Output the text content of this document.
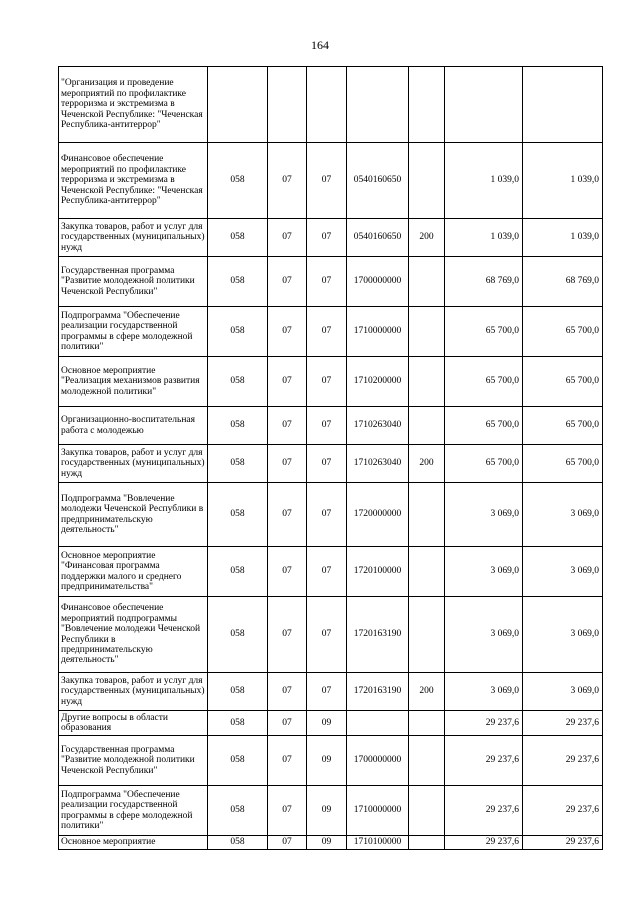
164
"Организация и проведение мероприятий по профилактике терроризма и экстремизма в Чеченской Республике: "Чеченская Республика-антитеррор"							
Финансовое обеспечение мероприятий по профилактике терроризма и экстремизма в Чеченской Республике: "Чеченская Республика-антитеррор"	058	07	07	0540160650		1 039,0	1 039,0
Закупка товаров, работ и услуг для государственных (муниципальных) нужд	058	07	07	0540160650	200	1 039,0	1 039,0
Государственная программа "Развитие молодежной политики Чеченской Республики"	058	07	07	1700000000		68 769,0	68 769,0
Подпрограмма "Обеспечение реализации государственной программы в сфере молодежной политики"	058	07	07	1710000000		65 700,0	65 700,0
Основное мероприятие "Реализация механизмов развития молодежной политики"	058	07	07	1710200000		65 700,0	65 700,0
Организационно-воспитательная работа с молодежью	058	07	07	1710263040		65 700,0	65 700,0
Закупка товаров, работ и услуг для государственных (муниципальных) нужд	058	07	07	1710263040	200	65 700,0	65 700,0
Подпрограмма "Вовлечение молодежи Чеченской Республики в предпринимательскую деятельность"	058	07	07	1720000000		3 069,0	3 069,0
Основное мероприятие "Финансовая программа поддержки малого и среднего предпринимательства"	058	07	07	1720100000		3 069,0	3 069,0
Финансовое обеспечение мероприятий подпрограммы "Вовлечение молодежи Чеченской Республики в предпринимательскую деятельность"	058	07	07	1720163190		3 069,0	3 069,0
Закупка товаров, работ и услуг для государственных (муниципальных) нужд	058	07	07	1720163190	200	3 069,0	3 069,0
Другие вопросы в области образования	058	07	09			29 237,6	29 237,6
Государственная программа "Развитие молодежной политики Чеченской Республики"	058	07	09	1700000000		29 237,6	29 237,6
Подпрограмма "Обеспечение реализации государственной программы в сфере молодежной политики"	058	07	09	1710000000		29 237,6	29 237,6
Основное мероприятие	058	07	09	1710100000		29 237,6	29 237,6
